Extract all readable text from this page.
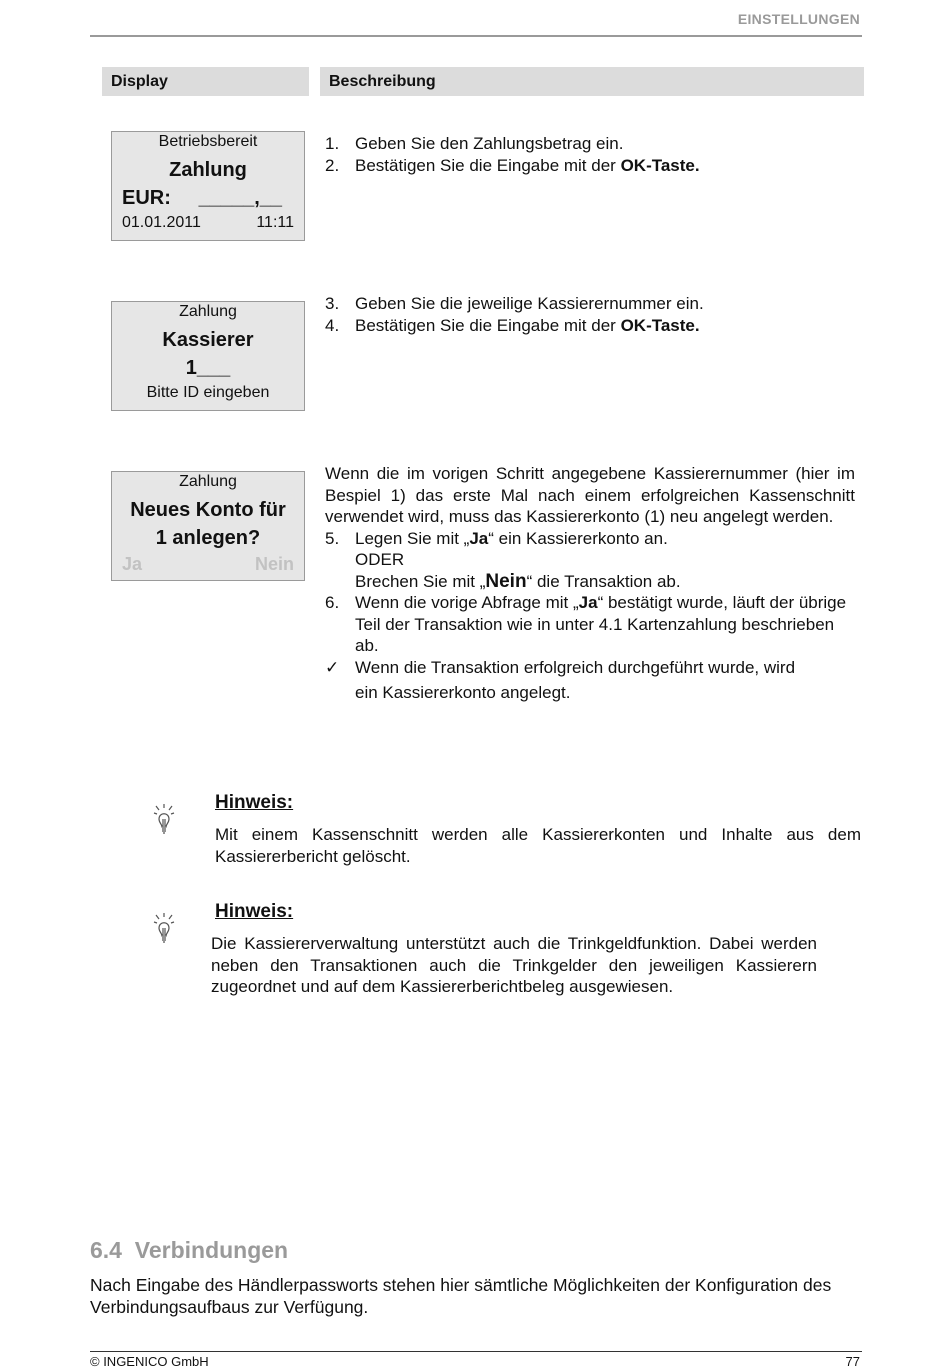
EINSTELLUNGEN
Display	Beschreibung
Betriebsbereit
Zahlung
EUR: _____,__
01.01.2011	11:11
1. Geben Sie den Zahlungsbetrag ein.
2. Bestätigen Sie die Eingabe mit der OK-Taste.
Zahlung
Kassierer
1___
Bitte ID eingeben
3. Geben Sie die jeweilige Kassierernummer ein.
4. Bestätigen Sie die Eingabe mit der OK-Taste.
Zahlung
Neues Konto für
1 anlegen?
Ja	Nein
Wenn die im vorigen Schritt angegebene Kassierernummer (hier im Bespiel 1) das erste Mal nach einem erfolgreichen Kassenschnitt verwendet wird, muss das Kassiererkonto (1) neu angelegt werden.
5. Legen Sie mit „Ja“ ein Kassiererkonto an.
ODER
Brechen Sie mit „Nein“ die Transaktion ab.
6. Wenn die vorige Abfrage mit „Ja“ bestätigt wurde, läuft der übrige Teil der Transaktion wie in unter 4.1 Kartenzahlung beschrieben ab.
✓ Wenn die Transaktion erfolgreich durchgeführt wurde, wird
ein Kassiererkonto angelegt.
Hinweis:
Mit einem Kassenschnitt werden alle Kassiererkonten und Inhalte aus dem Kassiererbericht gelöscht.
Hinweis:
Die Kassiererverwaltung unterstützt auch die Trinkgeldfunktion. Dabei werden neben den Transaktionen auch die Trinkgelder den jeweiligen Kassierern zugeordnet und auf dem Kassiererberichtbeleg ausgewiesen.
6.4 Verbindungen
Nach Eingabe des Händlerpassworts stehen hier sämtliche Möglichkeiten der Konfiguration des Verbindungsaufbaus zur Verfügung.
© INGENICO GmbH	77
